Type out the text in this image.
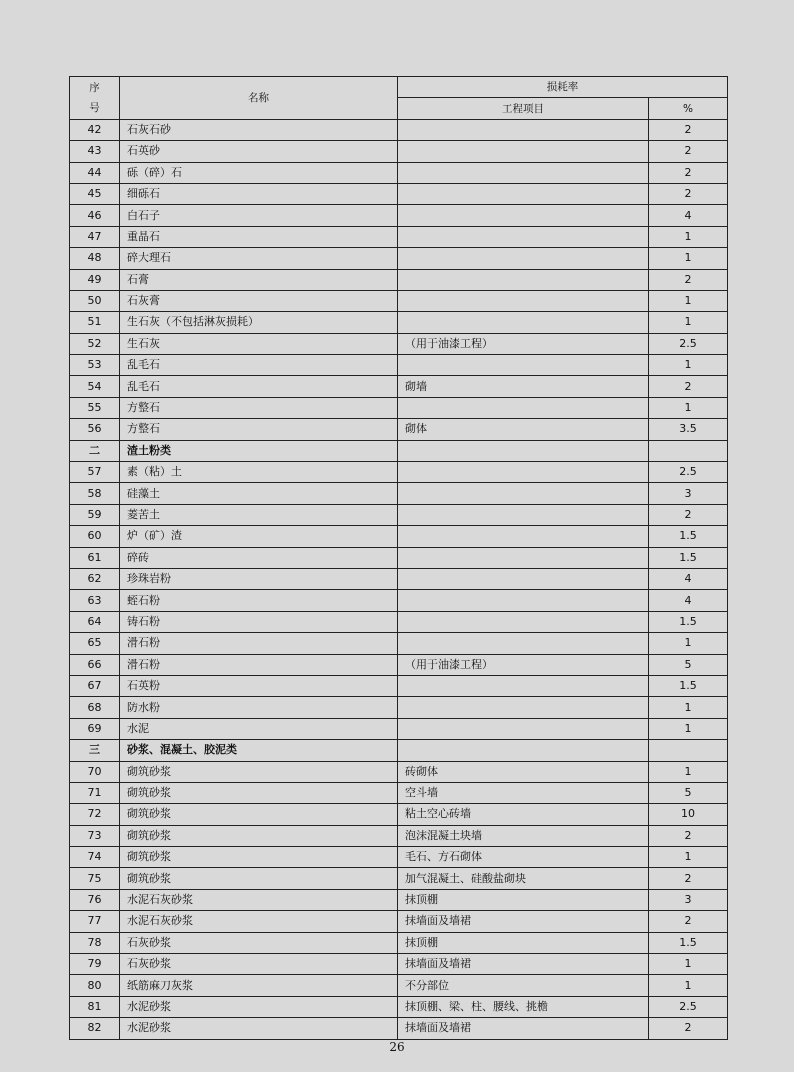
序
号	名称	损耗率	
		工程项目	%
42	石灰石砂		2
43	石英砂		2
44	砾（碎）石		2
45	细砾石		2
46	白石子		4
47	重晶石		1
48	碎大理石		1
49	石膏		2
50	石灰膏		1
51	生石灰（不包括淋灰损耗）		1
52	生石灰	（用于油漆工程）	2.5
53	乱毛石		1
54	乱毛石	砌墙	2
55	方整石		1
56	方整石	砌体	3.5
二	渣土粉类		
57	素（粘）土		2.5
58	硅藻土		3
59	菱苦土		2
60	炉（矿）渣		1.5
61	碎砖		1.5
62	珍珠岩粉		4
63	蛭石粉		4
64	铸石粉		1.5
65	滑石粉		1
66	滑石粉	（用于油漆工程）	5
67	石英粉		1.5
68	防水粉		1
69	水泥		1
三	砂浆、混凝土、胶泥类		
70	砌筑砂浆	砖砌体	1
71	砌筑砂浆	空斗墙	5
72	砌筑砂浆	粘土空心砖墙	10
73	砌筑砂浆	泡沫混凝土块墙	2
74	砌筑砂浆	毛石、方石砌体	1
75	砌筑砂浆	加气混凝土、硅酸盐砌块	2
76	水泥石灰砂浆	抹顶棚	3
77	水泥石灰砂浆	抹墙面及墙裙	2
78	石灰砂浆	抹顶棚	1.5
79	石灰砂浆	抹墙面及墙裙	1
80	纸筋麻刀灰浆	不分部位	1
81	水泥砂浆	抹顶棚、梁、柱、腰线、挑檐	2.5
82	水泥砂浆	抹墙面及墙裙	2
26
